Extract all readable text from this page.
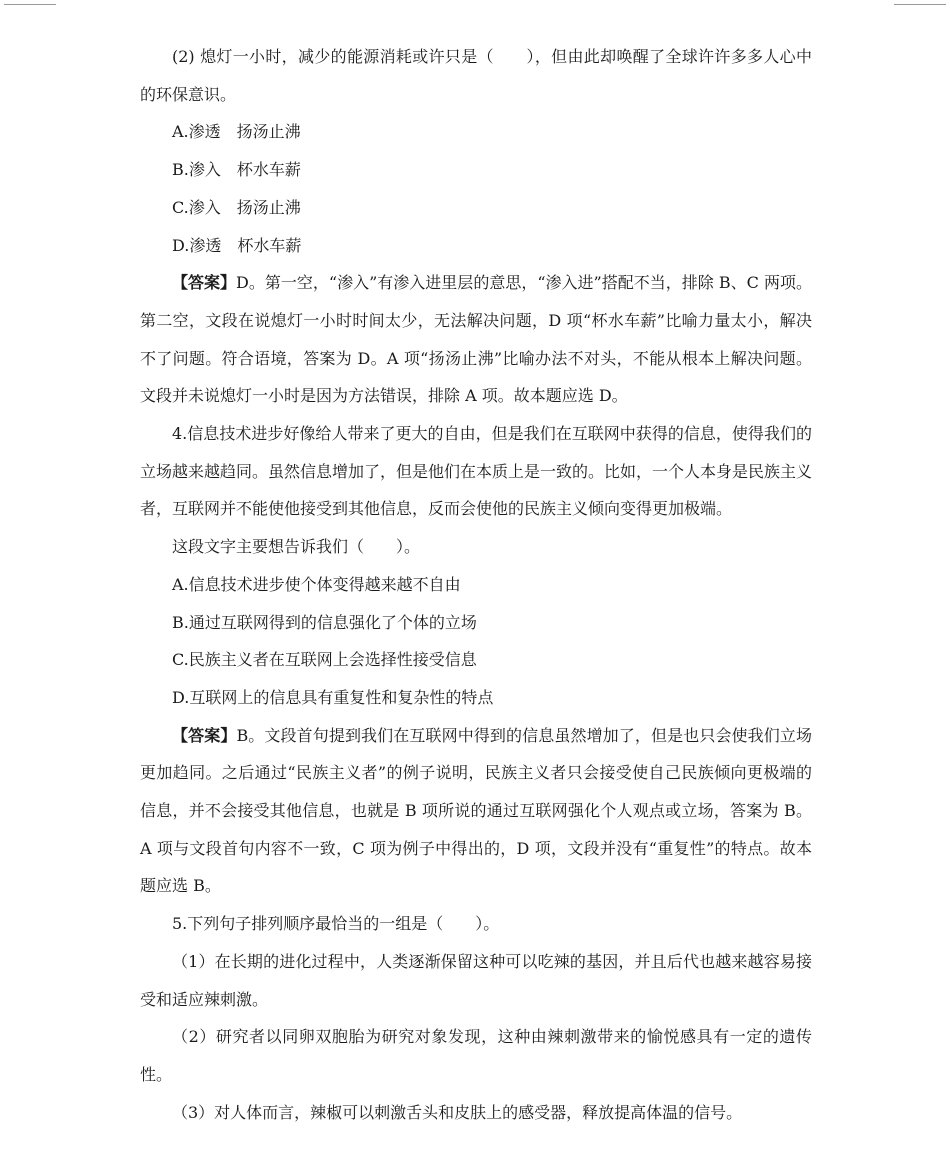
(2) 熄灯一小时，减少的能源消耗或许只是（　　），但由此却唤醒了全球许许多多人心中的环保意识。

A.渗透　扬汤止沸

B.渗入　杯水车薪

C.渗入　扬汤止沸

D.渗透　杯水车薪

【答案】D。第一空，“渗入”有渗入进里层的意思，“渗入进”搭配不当，排除 B、C 两项。第二空，文段在说熄灯一小时时间太少，无法解决问题，D 项“杯水车薪”比喻力量太小，解决不了问题。符合语境，答案为 D。A 项“扬汤止沸”比喻办法不对头，不能从根本上解决问题。文段并未说熄灯一小时是因为方法错误，排除 A 项。故本题应选 D。

4.信息技术进步好像给人带来了更大的自由，但是我们在互联网中获得的信息，使得我们的立场越来越趋同。虽然信息增加了，但是他们在本质上是一致的。比如，一个人本身是民族主义者，互联网并不能使他接受到其他信息，反而会使他的民族主义倾向变得更加极端。

这段文字主要想告诉我们（　　）。

A.信息技术进步使个体变得越来越不自由

B.通过互联网得到的信息强化了个体的立场

C.民族主义者在互联网上会选择性接受信息

D.互联网上的信息具有重复性和复杂性的特点

【答案】B。文段首句提到我们在互联网中得到的信息虽然增加了，但是也只会使我们立场更加趋同。之后通过“民族主义者”的例子说明，民族主义者只会接受使自己民族倾向更极端的信息，并不会接受其他信息，也就是 B 项所说的通过互联网强化个人观点或立场，答案为 B。A 项与文段首句内容不一致，C 项为例子中得出的，D 项，文段并没有“重复性”的特点。故本题应选 B。

5.下列句子排列顺序最恰当的一组是（　　）。

（1）在长期的进化过程中，人类逐渐保留这种可以吃辣的基因，并且后代也越来越容易接受和适应辣刺激。

（2）研究者以同卵双胞胎为研究对象发现，这种由辣刺激带来的愉悦感具有一定的遗传性。

（3）对人体而言，辣椒可以刺激舌头和皮肤上的感受器，释放提高体温的信号。
